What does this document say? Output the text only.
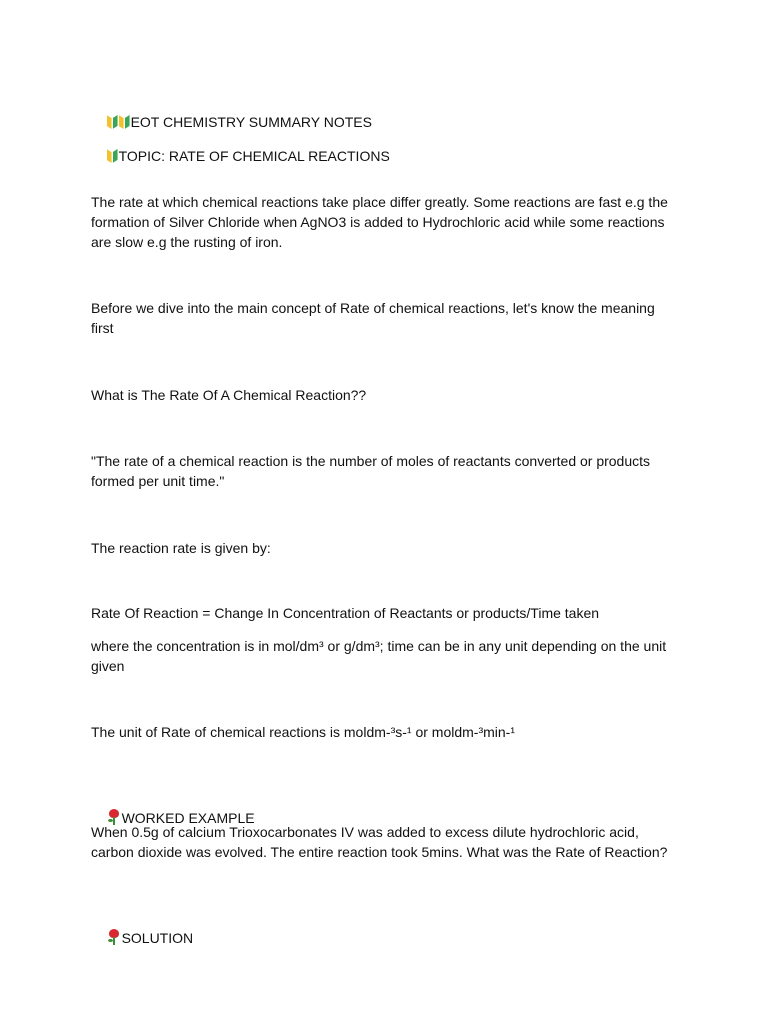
EOT CHEMISTRY SUMMARY NOTES

TOPIC: RATE OF CHEMICAL REACTIONS

The rate at which chemical reactions take place differ greatly. Some reactions are fast e.g the formation of Silver Chloride when AgNO3 is added to Hydrochloric acid while some reactions are slow e.g the rusting of iron.

Before we dive into the main concept of Rate of chemical reactions, let's know the meaning first

What is The Rate Of A Chemical Reaction??

"The rate of a chemical reaction is the number of moles of reactants converted or products formed per unit time."

The reaction rate is given by:

Rate Of Reaction = Change In Concentration of Reactants or products/Time taken

where the concentration is in mol/dm³ or g/dm³; time can be in any unit depending on the unit given

The unit of Rate of chemical reactions is moldm-³s-¹ or moldm-³min-¹

WORKED EXAMPLE

When 0.5g of calcium Trioxocarbonates IV was added to excess dilute hydrochloric acid, carbon dioxide was evolved. The entire reaction took 5mins. What was the Rate of Reaction?

SOLUTION
